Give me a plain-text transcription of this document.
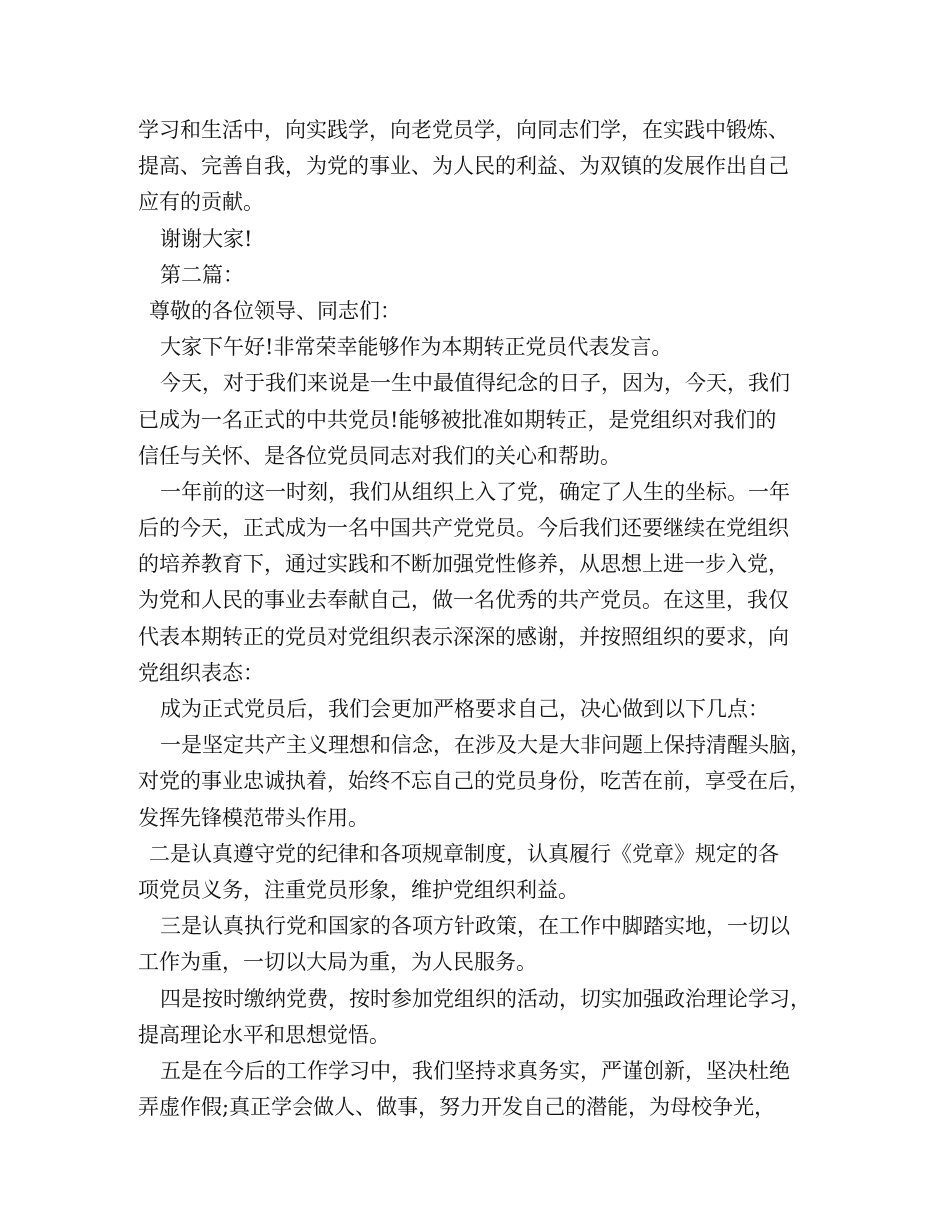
学习和生活中，向实践学，向老党员学，向同志们学，在实践中锻炼、
提高、完善自我，为党的事业、为人民的利益、为双镇的发展作出自己
应有的贡献。
谢谢大家!
第二篇：
尊敬的各位领导、同志们：
大家下午好!非常荣幸能够作为本期转正党员代表发言。
今天，对于我们来说是一生中最值得纪念的日子，因为，今天，我们
已成为一名正式的中共党员!能够被批准如期转正，是党组织对我们的
信任与关怀、是各位党员同志对我们的关心和帮助。
一年前的这一时刻，我们从组织上入了党，确定了人生的坐标。一年
后的今天，正式成为一名中国共产党党员。今后我们还要继续在党组织
的培养教育下，通过实践和不断加强党性修养，从思想上进一步入党，
为党和人民的事业去奉献自己，做一名优秀的共产党员。在这里，我仅
代表本期转正的党员对党组织表示深深的感谢，并按照组织的要求，向
党组织表态：
成为正式党员后，我们会更加严格要求自己，决心做到以下几点：
一是坚定共产主义理想和信念，在涉及大是大非问题上保持清醒头脑，
对党的事业忠诚执着，始终不忘自己的党员身份，吃苦在前，享受在后，
发挥先锋模范带头作用。
二是认真遵守党的纪律和各项规章制度，认真履行《党章》规定的各
项党员义务，注重党员形象，维护党组织利益。
三是认真执行党和国家的各项方针政策，在工作中脚踏实地，一切以
工作为重，一切以大局为重，为人民服务。
四是按时缴纳党费，按时参加党组织的活动，切实加强政治理论学习，
提高理论水平和思想觉悟。
五是在今后的工作学习中，我们坚持求真务实，严谨创新，坚决杜绝
弄虚作假;真正学会做人、做事，努力开发自己的潜能，为母校争光，
